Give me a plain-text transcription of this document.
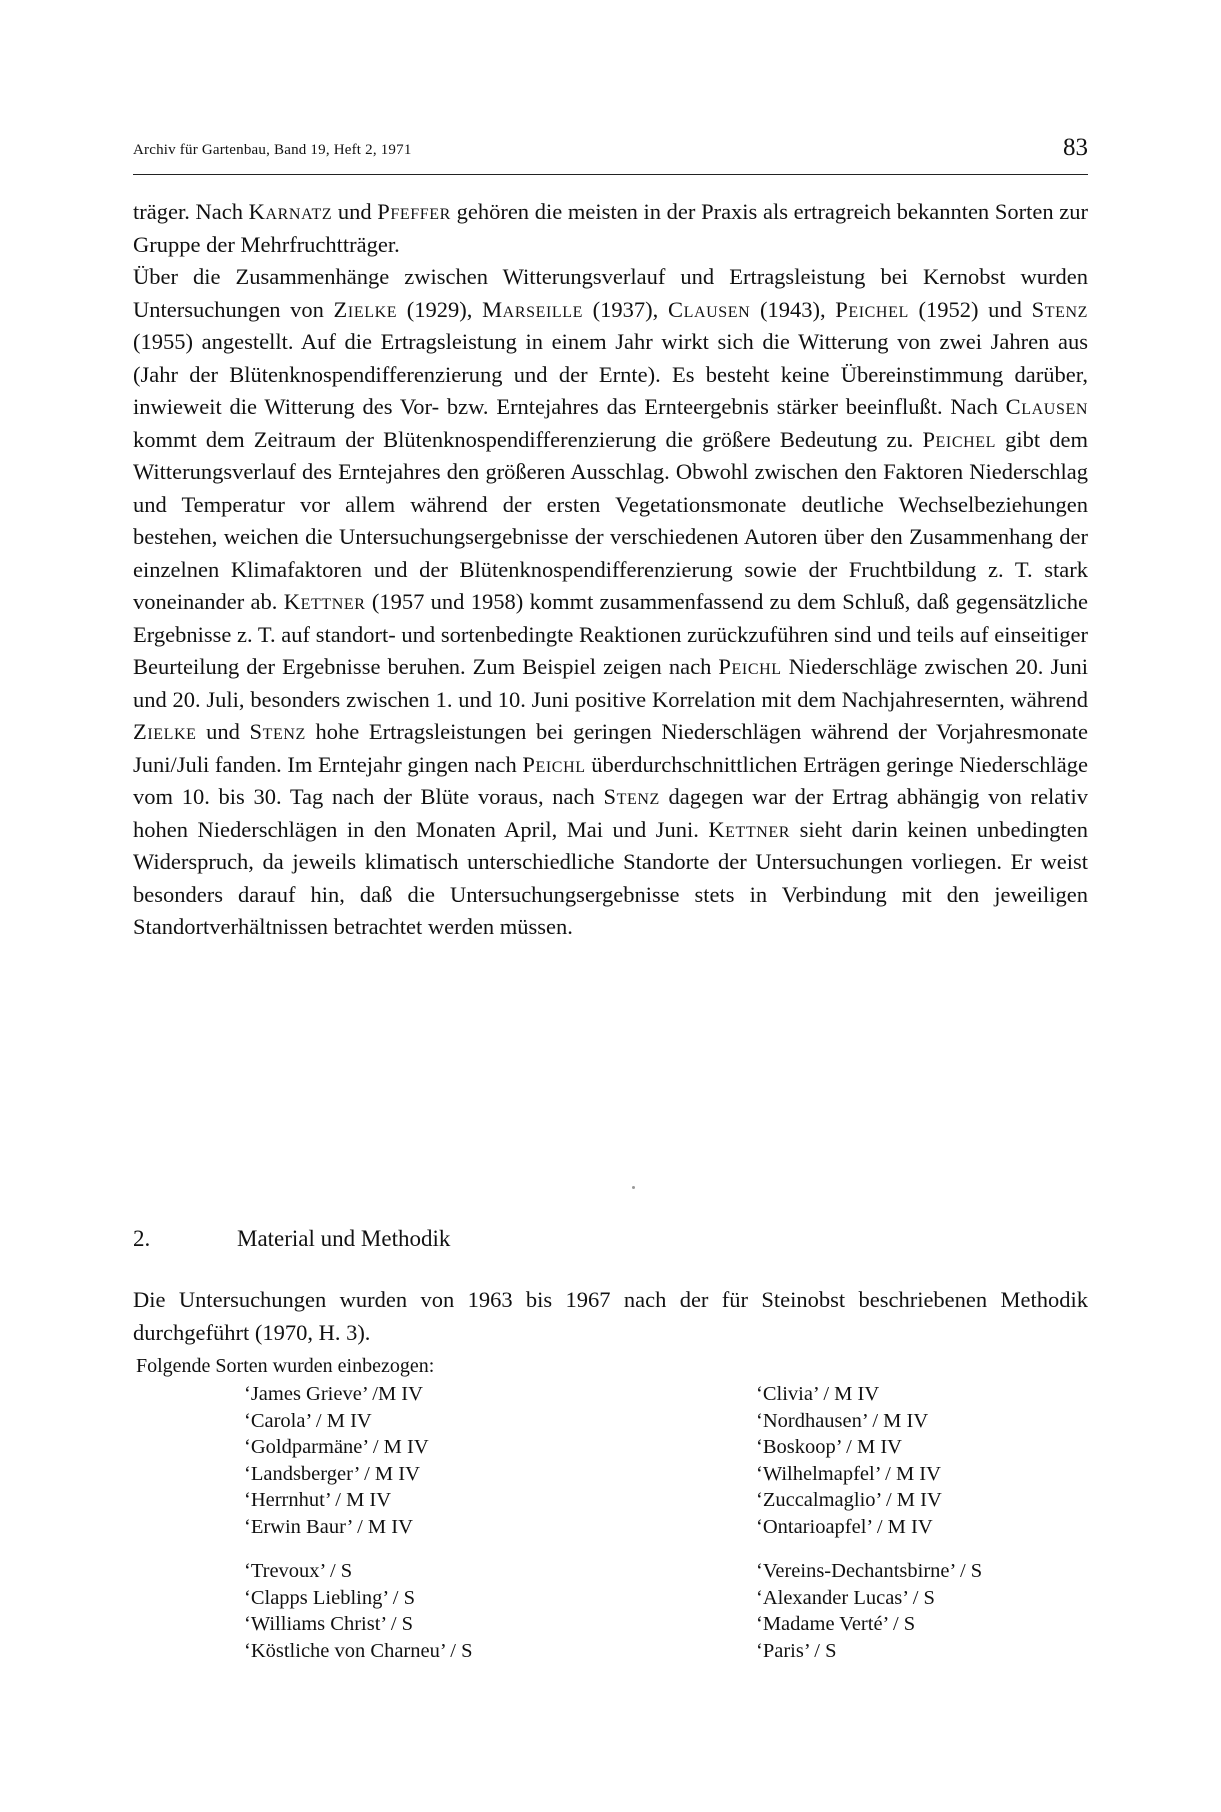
Archiv für Gartenbau, Band 19, Heft 2, 1971	83

träger. Nach Karnatz und Pfeffer gehören die meisten in der Praxis als ertragreich bekannten Sorten zur Gruppe der Mehrfruchtträger.

Über die Zusammenhänge zwischen Witterungsverlauf und Ertragsleistung bei Kernobst wurden Untersuchungen von Zielke (1929), Marseille (1937), Clausen (1943), Peichel (1952) und Stenz (1955) angestellt. Auf die Ertragsleistung in einem Jahr wirkt sich die Witterung von zwei Jahren aus (Jahr der Blütenknospendifferenzierung und der Ernte). Es besteht keine Übereinstimmung darüber, inwieweit die Witterung des Vor- bzw. Erntejahres das Ernteergebnis stärker beeinflußt. Nach Clausen kommt dem Zeitraum der Blütenknospendifferenzierung die größere Bedeutung zu. Peichel gibt dem Witterungsverlauf des Erntejahres den größeren Ausschlag. Obwohl zwischen den Faktoren Niederschlag und Temperatur vor allem während der ersten Vegetationsmonate deutliche Wechselbeziehungen bestehen, weichen die Untersuchungsergebnisse der verschiedenen Autoren über den Zusammenhang der einzelnen Klimafaktoren und der Blütenknospendifferenzierung sowie der Fruchtbildung z. T. stark voneinander ab. Kettner (1957 und 1958) kommt zusammenfassend zu dem Schluß, daß gegensätzliche Ergebnisse z. T. auf standort- und sortenbedingte Reaktionen zurückzuführen sind und teils auf einseitiger Beurteilung der Ergebnisse beruhen. Zum Beispiel zeigen nach Peichl Niederschläge zwischen 20. Juni und 20. Juli, besonders zwischen 1. und 10. Juni positive Korrelation mit dem Nachjahresernten, während Zielke und Stenz hohe Ertragsleistungen bei geringen Niederschlägen während der Vorjahresmonate Juni/Juli fanden. Im Erntejahr gingen nach Peichl überdurchschnittlichen Erträgen geringe Niederschläge vom 10. bis 30. Tag nach der Blüte voraus, nach Stenz dagegen war der Ertrag abhängig von relativ hohen Niederschlägen in den Monaten April, Mai und Juni. Kettner sieht darin keinen unbedingten Widerspruch, da jeweils klimatisch unterschiedliche Standorte der Untersuchungen vorliegen. Er weist besonders darauf hin, daß die Untersuchungsergebnisse stets in Verbindung mit den jeweiligen Standortverhältnissen betrachtet werden müssen.

2.	Material und Methodik

Die Untersuchungen wurden von 1963 bis 1967 nach der für Steinobst beschriebenen Methodik durchgeführt (1970, H. 3).

Folgende Sorten wurden einbezogen:
‘James Grieve’ /M IV
‘Carola’ / M IV
‘Goldparmäne’ / M IV
‘Landsberger’ / M IV
‘Herrnhut’ / M IV
‘Erwin Baur’ / M IV
‘Clivia’ / M IV
‘Nordhausen’ / M IV
‘Boskoop’ / M IV
‘Wilhelmapfel’ / M IV
‘Zuccalmaglio’ / M IV
‘Ontarioapfel’ / M IV
‘Trevoux’ / S
‘Clapps Liebling’ / S
‘Williams Christ’ / S
‘Köstliche von Charneu’ / S
‘Vereins-Dechantsbirne’ / S
‘Alexander Lucas’ / S
‘Madame Verté’ / S
‘Paris’ / S
